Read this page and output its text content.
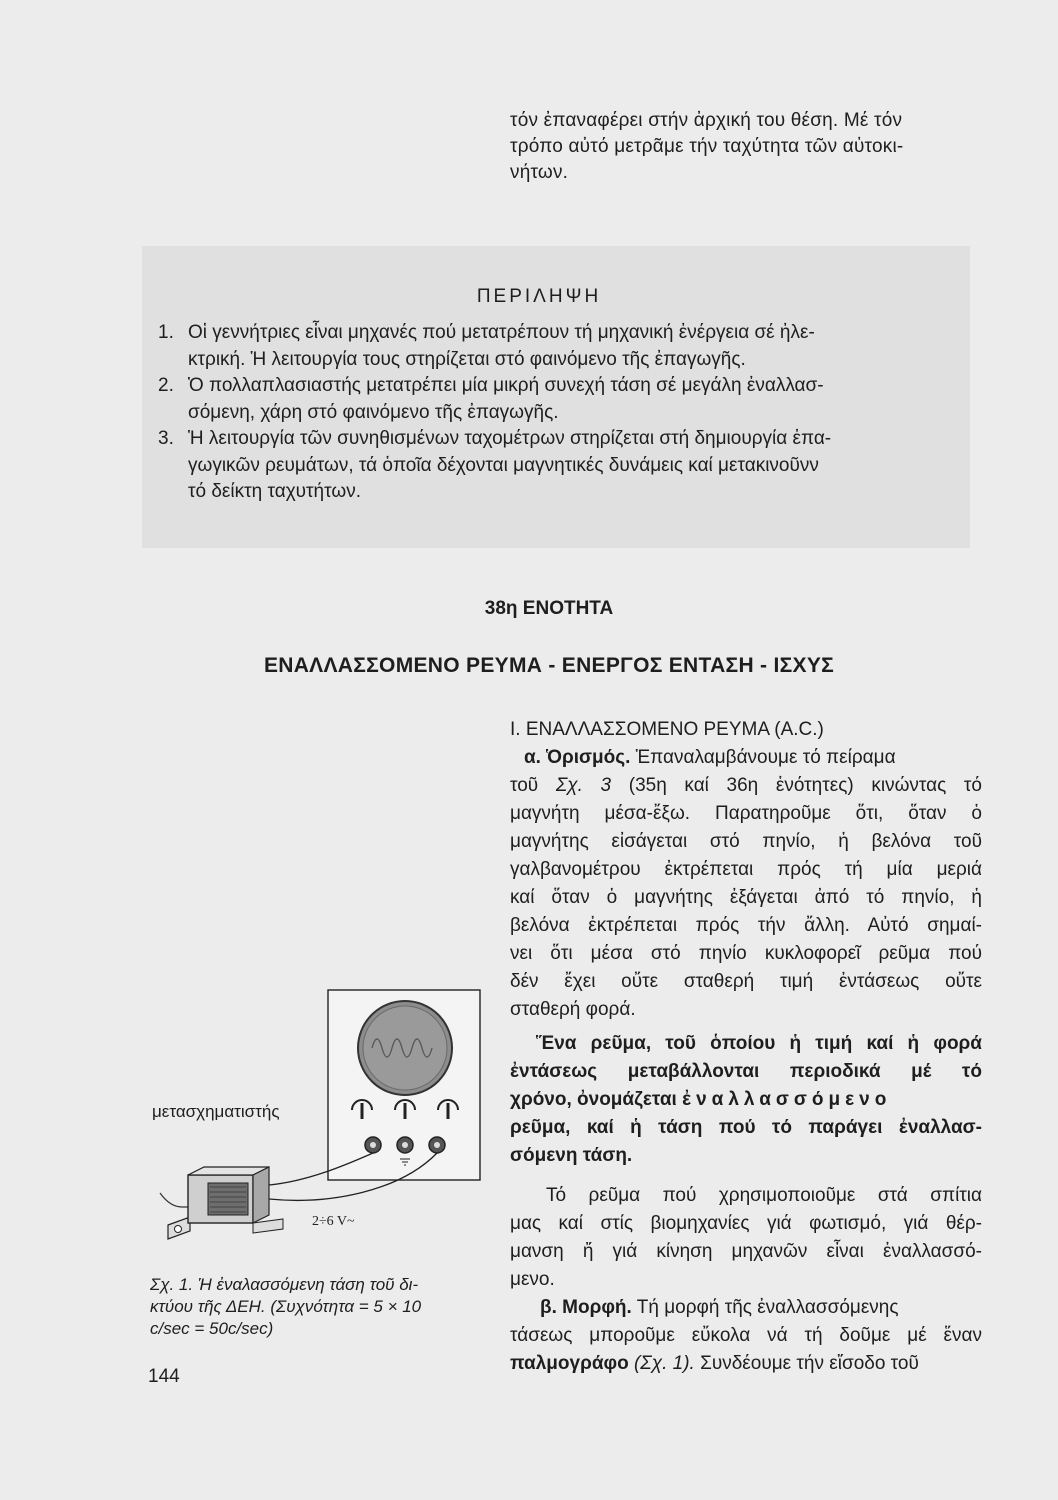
τόν ἐπαναφέρει στήν ἀρχική του θέση. Μέ τόν
τρόπο αὐτό μετρᾶμε τήν ταχύτητα τῶν αὐτοκι-
νήτων.
ΠΕΡΙΛΗΨΗ
1. Οἱ γεννήτριες εἶναι μηχανές πού μετατρέπουν τή μηχανική ἐνέργεια σέ ἠλε-
κτρική. Ἡ λειτουργία τους στηρίζεται στό φαινόμενο τῆς ἐπαγωγῆς.
2. Ὁ πολλαπλασιαστής μετατρέπει μία μικρή συνεχή τάση σέ μεγάλη ἐναλλασ-
σόμενη, χάρη στό φαινόμενο τῆς ἐπαγωγῆς.
3. Ἡ λειτουργία τῶν συνηθισμένων ταχομέτρων στηρίζεται στή δημιουργία ἐπα-
γωγικῶν ρευμάτων, τά ὁποῖα δέχονται μαγνητικές δυνάμεις καί μετακινοῦνν
τό δείκτη ταχυτήτων.
38η ΕΝΟΤΗΤΑ
ΕΝΑΛΛΑΣΣΟΜΕΝΟ ΡΕΥΜΑ - ΕΝΕΡΓΟΣ ΕΝΤΑΣΗ - ΙΣΧΥΣ
Ι. ΕΝΑΛΛΑΣΣΟΜΕΝΟ ΡΕΥΜΑ (A.C.)
α. Ὁρισμός. Ἐπαναλαμβάνουμε τό πείραμα
τοῦ Σχ. 3 (35η καί 36η ἑνότητες) κινώντας τό
μαγνήτη μέσα-ἔξω. Παρατηροῦμε ὅτι, ὅταν ὁ
μαγνήτης εἰσάγεται στό πηνίο, ἡ βελόνα τοῦ
γαλβανομέτρου ἐκτρέπεται πρός τή μία μεριά
καί ὅταν ὁ μαγνήτης ἐξάγεται ἀπό τό πηνίο, ἡ
βελόνα ἐκτρέπεται πρός τήν ἄλλη. Αὐτό σημαί-
νει ὅτι μέσα στό πηνίο κυκλοφορεῖ ρεῦμα πού
δέν ἔχει οὔτε σταθερή τιμή ἐντάσεως οὔτε
σταθερή φορά.
Ἕνα ρεῦμα, τοῦ ὁποίου ἡ τιμή καί ἡ φορά
ἐντάσεως μεταβάλλονται περιοδικά μέ τό
χρόνο, ὀνομάζεται ἐναλλασσόμενο
ρεῦμα, καί ἡ τάση πού τό παράγει ἐναλλασ-
σόμενη τάση.
Τό ρεῦμα πού χρησιμοποιοῦμε στά σπίτια
μας καί στίς βιομηχανίες γιά φωτισμό, γιά θέρ-
μανση ἤ γιά κίνηση μηχανῶν εἶναι ἐναλλασσό-
μενο.
β. Μορφή. Τή μορφή τῆς ἐναλλασσόμενης
τάσεως μποροῦμε εὔκολα νά τή δοῦμε μέ ἕναν
παλμογράφο (Σχ. 1). Συνδέουμε τήν εἴσοδο τοῦ
2÷6 V~
μετασχηματιστής
Σχ. 1. Ἡ ἐναλασσόμενη τάση τοῦ δι-
κτύου τῆς ΔΕΗ. (Συχνότητα = 5 × 10
c/sec = 50c/sec)
144
